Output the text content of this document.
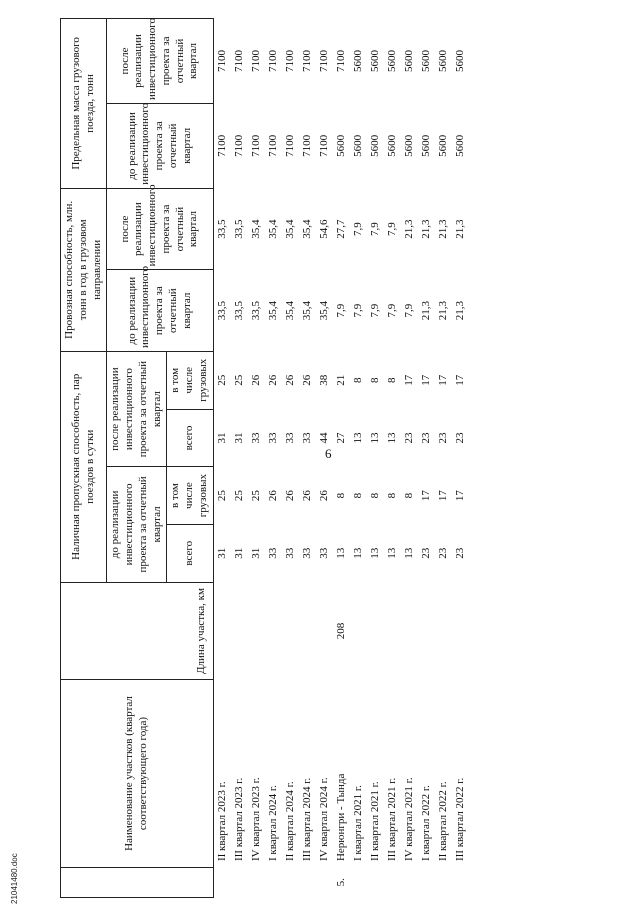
6
21041480.doc
	Наименование участков (квартал соответствующего года)	Длина участка, км	Наличная пропускная способность, пар поездов в сутки				Провозная способность, млн. тонн в год в грузовом направлении		Предельная масса грузового поезда, тонн	
			до реализации инвестиционного проекта за отчетный квартал		после реализации инвестиционного проекта за отчетный квартал		до реализации инвестиционного проекта за отчетный квартал	после реализации инвестиционного проекта за отчетный квартал	до реализации инвестиционного проекта за отчетный квартал	после реализации инвестиционного проекта за отчетный квартал
			всего	в том числе грузовых	всего	в том числе грузовых				
	II квартал 2023 г.		31	25	31	25	33,5	33,5	7100	7100
	III квартал 2023 г.		31	25	31	25	33,5	33,5	7100	7100
	IV квартал 2023 г.		31	25	33	26	33,5	35,4	7100	7100
	I квартал 2024 г.		33	26	33	26	35,4	35,4	7100	7100
	II квартал 2024 г.		33	26	33	26	35,4	35,4	7100	7100
	III квартал 2024 г.		33	26	33	26	35,4	35,4	7100	7100
	IV квартал 2024 г.		33	26	44	38	35,4	54,6	7100	7100
5.	Нерюнгри - Тында	208	13	8	27	21	7,9	27,7	5600	7100
	I квартал 2021 г.		13	8	13	8	7,9	7,9	5600	5600
	II квартал 2021 г.		13	8	13	8	7,9	7,9	5600	5600
	III квартал 2021 г.		13	8	13	8	7,9	7,9	5600	5600
	IV квартал 2021 г.		13	8	23	17	7,9	21,3	5600	5600
	I квартал 2022 г.		23	17	23	17	21,3	21,3	5600	5600
	II квартал 2022 г.		23	17	23	17	21,3	21,3	5600	5600
	III квартал 2022 г.		23	17	23	17	21,3	21,3	5600	5600
